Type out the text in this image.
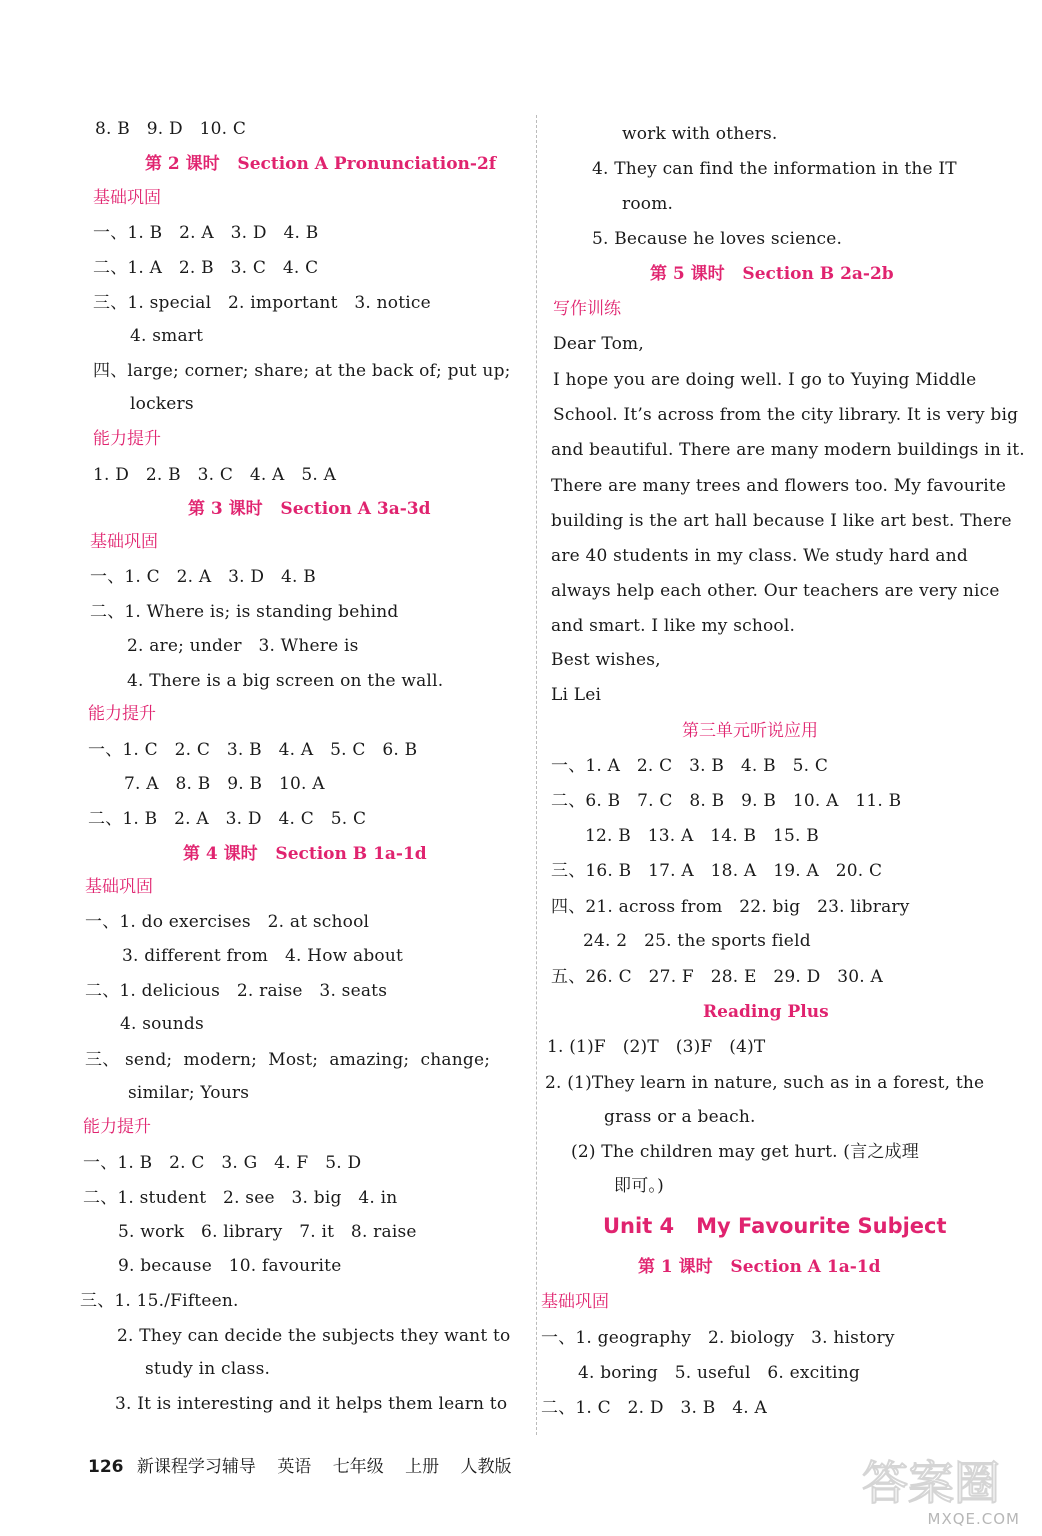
8. B   9. D   10. C
第 2 课时   Section A Pronunciation-2f
基础巩固
一、1. B   2. A   3. D   4. B
二、1. A   2. B   3. C   4. C
三、1. special   2. important   3. notice
4. smart
四、large; corner; share; at the back of; put up;
lockers
能力提升
1. D   2. B   3. C   4. A   5. A
第 3 课时   Section A 3a-3d
基础巩固
一、1. C   2. A   3. D   4. B
二、1. Where is; is standing behind
2. are; under   3. Where is
4. There is a big screen on the wall.
能力提升
一、1. C   2. C   3. B   4. A   5. C   6. B
7. A   8. B   9. B   10. A
二、1. B   2. A   3. D   4. C   5. C
第 4 课时   Section B 1a-1d
基础巩固
一、1. do exercises   2. at school
3. different from   4. How about
二、1. delicious   2. raise   3. seats
4. sounds
三、 send;  modern;  Most;  amazing;  change;
similar; Yours
能力提升
一、1. B   2. C   3. G   4. F   5. D
二、1. student   2. see   3. big   4. in
5. work   6. library   7. it   8. raise
9. because   10. favourite
三、1. 15./Fifteen.
2. They can decide the subjects they want to
study in class.
3. It is interesting and it helps them learn to
work with others.
4. They can find the information in the IT
room.
5. Because he loves science.
第 5 课时   Section B 2a-2b
写作训练
Dear Tom,
I hope you are doing well. I go to Yuying Middle
School. It’s across from the city library. It is very big
and beautiful. There are many modern buildings in it.
There are many trees and flowers too. My favourite
building is the art hall because I like art best. There
are 40 students in my class. We study hard and
always help each other. Our teachers are very nice
and smart. I like my school.
Best wishes,
Li Lei
第三单元听说应用
一、1. A   2. C   3. B   4. B   5. C
二、6. B   7. C   8. B   9. B   10. A   11. B
12. B   13. A   14. B   15. B
三、16. B   17. A   18. A   19. A   20. C
四、21. across from   22. big   23. library
24. 2   25. the sports field
五、26. C   27. F   28. E   29. D   30. A
Reading Plus
1. (1)F   (2)T   (3)F   (4)T
2. (1)They learn in nature, such as in a forest, the
grass or a beach.
(2) The children may get hurt. (言之成理
即可。)
Unit 4   My Favourite Subject
第 1 课时   Section A 1a-1d
基础巩固
一、1. geography   2. biology   3. history
4. boring   5. useful   6. exciting
二、1. C   2. D   3. B   4. A
126 新课程学习辅导 英语 七年级 上册 人教版	答案圈
MXQE.COM
